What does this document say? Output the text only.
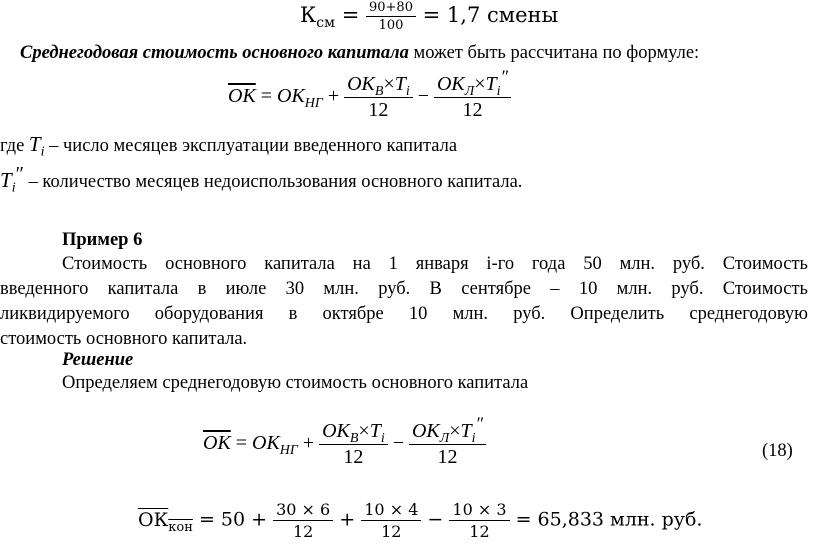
$К_{см} = \frac{90+80}{100} = 1,7$ смены
Среднегодовая стоимость основного капитала может быть рассчитана по формуле:
ОК = $ОК_{НГ} + \frac{ОК_В\times T_i}{12} - \frac{ОК_Л\times T_i''}{12}$
где $T_i$ – число месяцев эксплуатации введенного капитала
$T_i''$ – количество месяцев недоиспользования основного капитала.
Пример 6
Стоимость основного капитала на 1 января i-го года 50 млн. руб. Стоимость
введенного капитала в июле 30 млн. руб. В сентябре – 10 млн. руб. Стоимость
ликвидируемого оборудования в октябре 10 млн. руб. Определить среднегодовую
стоимость основного капитала.
Решение
Определяем среднегодовую стоимость основного капитала
ОК = $ОК_{НГ} + \frac{ОК_В\times T_i}{12} - \frac{ОК_Л\times T_i''}{12}$	(18)
$ОК_{кон} = 50 + \frac{30 \times 6}{12} + \frac{10 \times 4}{12} - \frac{10 \times 3}{12} = 65,833$ млн. руб.
